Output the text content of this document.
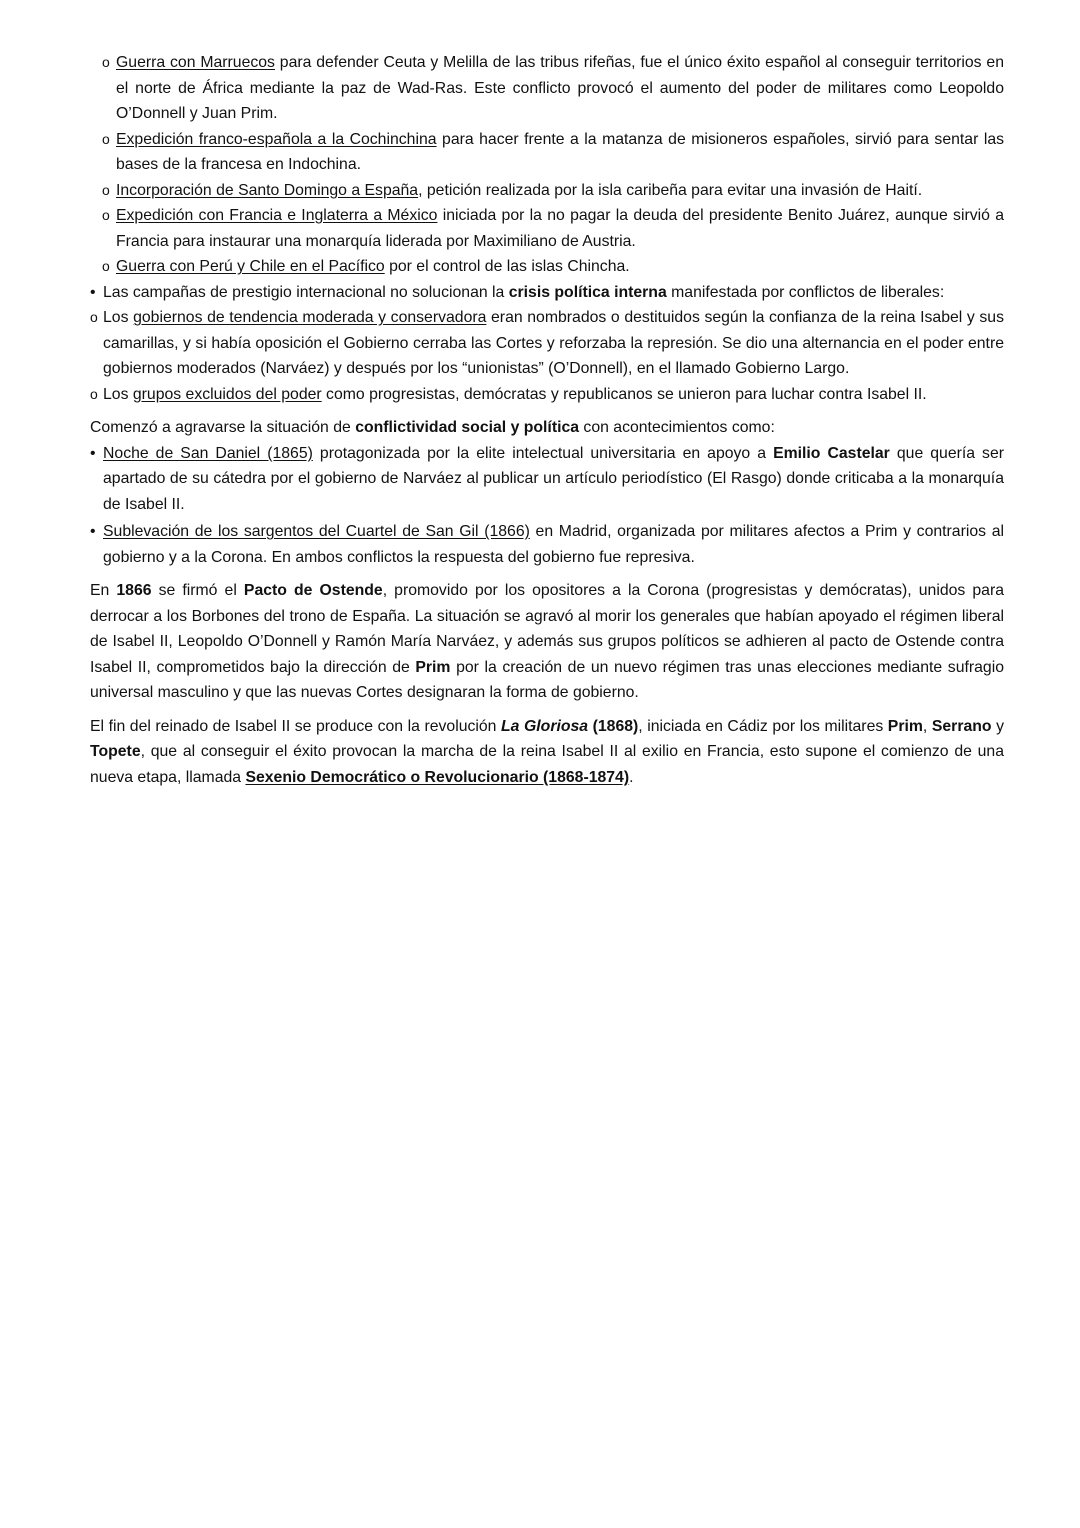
o Guerra con Marruecos para defender Ceuta y Melilla de las tribus rifeñas, fue el único éxito español al conseguir territorios en el norte de África mediante la paz de Wad-Ras. Este conflicto provocó el aumento del poder de militares como Leopoldo O’Donnell y Juan Prim.
o Expedición franco-española a la Cochinchina para hacer frente a la matanza de misioneros españoles, sirvió para sentar las bases de la francesa en Indochina.
o Incorporación de Santo Domingo a España, petición realizada por la isla caribeña para evitar una invasión de Haití.
o Expedición con Francia e Inglaterra a México iniciada por la no pagar la deuda del presidente Benito Juárez, aunque sirvió a Francia para instaurar una monarquía liderada por Maximiliano de Austria.
o Guerra con Perú y Chile en el Pacífico por el control de las islas Chincha.
• Las campañas de prestigio internacional no solucionan la crisis política interna manifestada por conflictos de liberales:
o Los gobiernos de tendencia moderada y conservadora eran nombrados o destituidos según la confianza de la reina Isabel y sus camarillas, y si había oposición el Gobierno cerraba las Cortes y reforzaba la represión. Se dio una alternancia en el poder entre gobiernos moderados (Narváez) y después por los “unionistas” (O’Donnell), en el llamado Gobierno Largo.
o Los grupos excluidos del poder como progresistas, demócratas y republicanos se unieron para luchar contra Isabel II.

Comenzó a agravarse la situación de conflictividad social y política con acontecimientos como:

• Noche de San Daniel (1865) protagonizada por la elite intelectual universitaria en apoyo a Emilio Castelar que quería ser apartado de su cátedra por el gobierno de Narváez al publicar un artículo periodístico (El Rasgo) donde criticaba a la monarquía de Isabel II.
• Sublevación de los sargentos del Cuartel de San Gil (1866) en Madrid, organizada por militares afectos a Prim y contrarios al gobierno y a la Corona. En ambos conflictos la respuesta del gobierno fue represiva.

En 1866 se firmó el Pacto de Ostende, promovido por los opositores a la Corona (progresistas y demócratas), unidos para derrocar a los Borbones del trono de España. La situación se agravó al morir los generales que habían apoyado el régimen liberal de Isabel II, Leopoldo O’Donnell y Ramón María Narváez, y además sus grupos políticos se adhieren al pacto de Ostende contra Isabel II, comprometidos bajo la dirección de Prim por la creación de un nuevo régimen tras unas elecciones mediante sufragio universal masculino y que las nuevas Cortes designaran la forma de gobierno.

El fin del reinado de Isabel II se produce con la revolución La Gloriosa (1868), iniciada en Cádiz por los militares Prim, Serrano y Topete, que al conseguir el éxito provocan la marcha de la reina Isabel II al exilio en Francia, esto supone el comienzo de una nueva etapa, llamada Sexenio Democrático o Revolucionario (1868-1874).
